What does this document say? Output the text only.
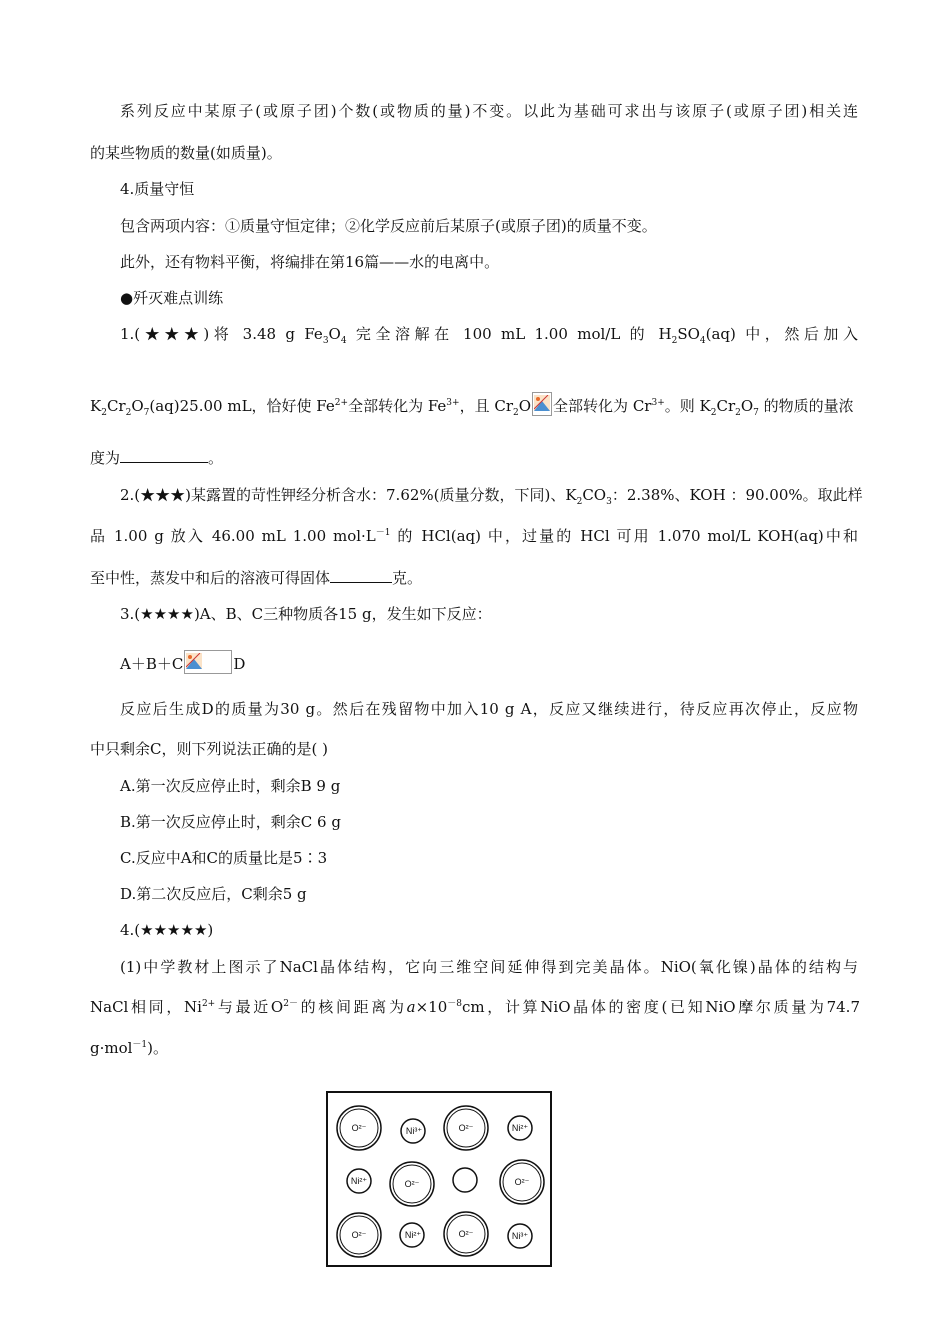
系列反应中某原子(或原子团)个数(或物质的量)不变。以此为基础可求出与该原子(或原子团)相关连
的某些物质的数量(如质量)。
4.质量守恒
包含两项内容：①质量守恒定律；②化学反应前后某原子(或原子团)的质量不变。
此外，还有物料平衡，将编排在第16篇——水的电离中。
●歼灭难点训练
1.(★★★)将 3.48 g $Fe_3O_4$ 完全溶解在 100 mL 1.00 mol/L 的 $H_2SO_4(aq)$ 中，然后加入
$K_2Cr_2O_7(aq)25.00$ mL，恰好使 $Fe^{2+}$全部转化为 $Fe^{3+}$，且 $Cr_2O$ 全部转化为 $Cr^{3+}$。则 $K_2Cr_2O_7$ 的物质的量浓
度为	。
2.(★★★)某露置的苛性钾经分析含水：7.62%(质量分数，下同)、$K_2CO_3$：2.38%、KOH ：90.00%。取此样
品 1.00 g 放入 46.00 mL 1.00 $mol\cdot L^{-1}$ 的 HCl(aq) 中，过量的 HCl 可用 1.070 mol/L KOH(aq)中和
至中性，蒸发中和后的溶液可得固体	克。
3.(★★★★)A、B、C三种物质各15 g，发生如下反应：
A＋B＋C	D
反应后生成D的质量为30 g。然后在残留物中加入10 g A，反应又继续进行，待反应再次停止，反应物
中只剩余C，则下列说法正确的是( )
A.第一次反应停止时，剩余B 9 g
B.第一次反应停止时，剩余C 6 g
C.反应中A和C的质量比是5∶3
D.第二次反应后，C剩余5 g
4.(★★★★★)
(1)中学教材上图示了NaCl晶体结构，它向三维空间延伸得到完美晶体。NiO(氧化镍)晶体的结构与
NaCl相同，$Ni^{2+}$与最近$O^{2-}$的核间距离为$a\times 10^{-8}cm$，计算NiO晶体的密度(已知NiO摩尔质量为74.7
g·mol$^{-1}$)。
O²⁻	Ni³⁺	O²⁻	Ni²⁺
Ni²⁺	O²⁻	O²⁻
O²⁻	Ni²⁺	O²⁻	Ni³⁺
